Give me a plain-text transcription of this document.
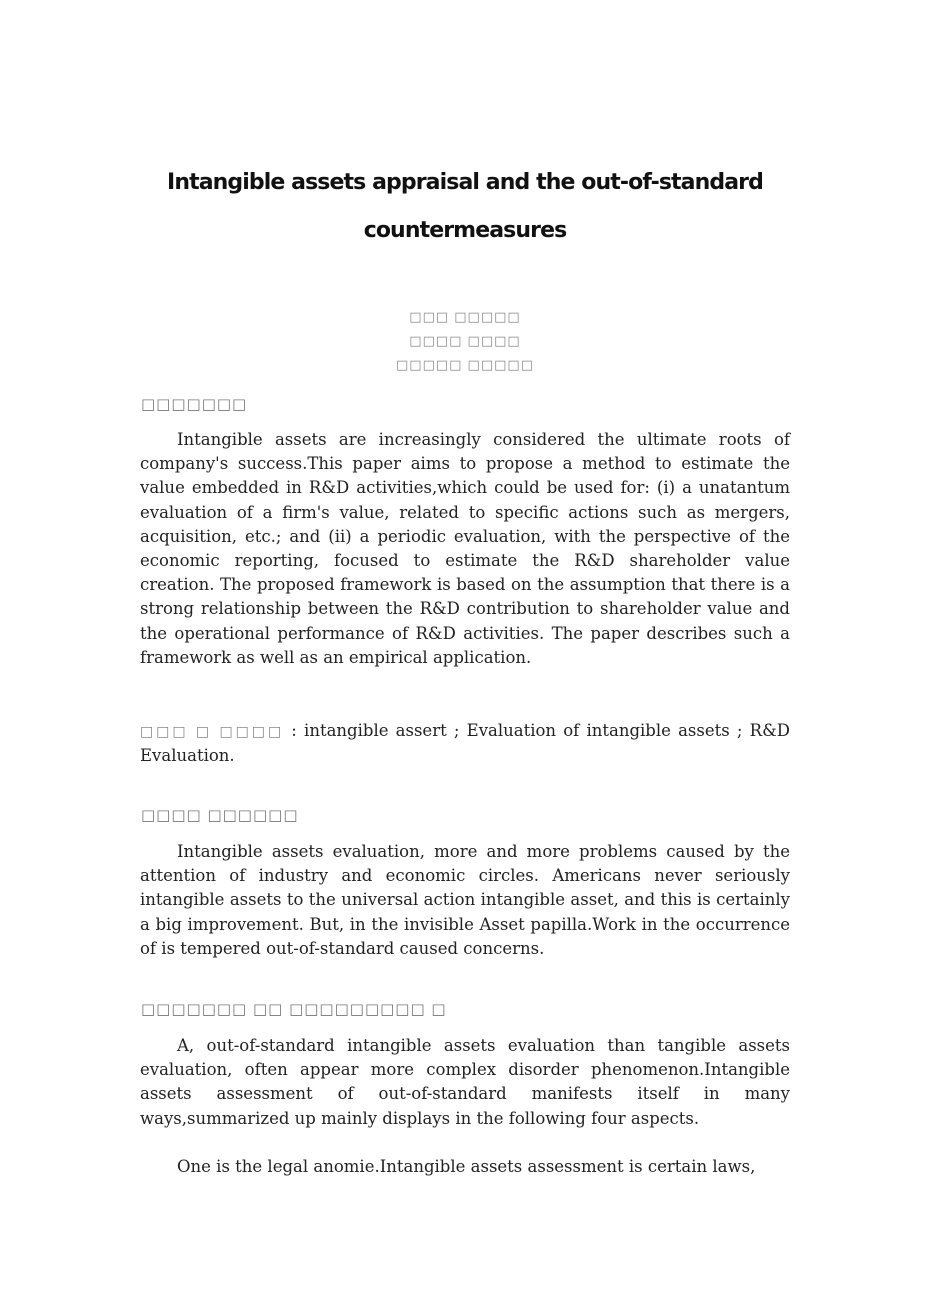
Intangible assets appraisal and the out-of-standard
countermeasures
□□□ □□□□□
□□□□ □□□□
□□□□□ □□□□□
□□□□□□□
Intangible assets are increasingly considered the ultimate roots of company's success.This paper aims to propose a method to estimate the value embedded in R&D activities,which could be used for: (i) a unatantum evaluation of a firm's value, related to specific actions such as mergers, acquisition, etc.; and (ii) a periodic evaluation, with the perspective of the economic reporting, focused to estimate the R&D shareholder value creation. The proposed framework is based on the assumption that there is a strong relationship between the R&D contribution to shareholder value and the operational performance of R&D activities. The paper describes such a framework as well as an empirical application.
□□□ □ □□□□ : intangible assert ; Evaluation of intangible assets ; R&D Evaluation.
□□□□ □□□□□□
Intangible assets evaluation, more and more problems caused by the attention of industry and economic circles. Americans never seriously intangible assets to the universal action intangible asset, and this is certainly a big improvement. But, in the invisible Asset papilla.Work in the occurrence of is tempered out-of-standard caused concerns.
□□□□□□□ □□ □□□□□□□□□ □
A, out-of-standard intangible assets evaluation than tangible assets evaluation, often appear more complex disorder phenomenon.Intangible assets assessment of out-of-standard manifests itself in many ways,summarized up mainly displays in the following four aspects.
One is the legal anomie.Intangible assets assessment is certain laws,
